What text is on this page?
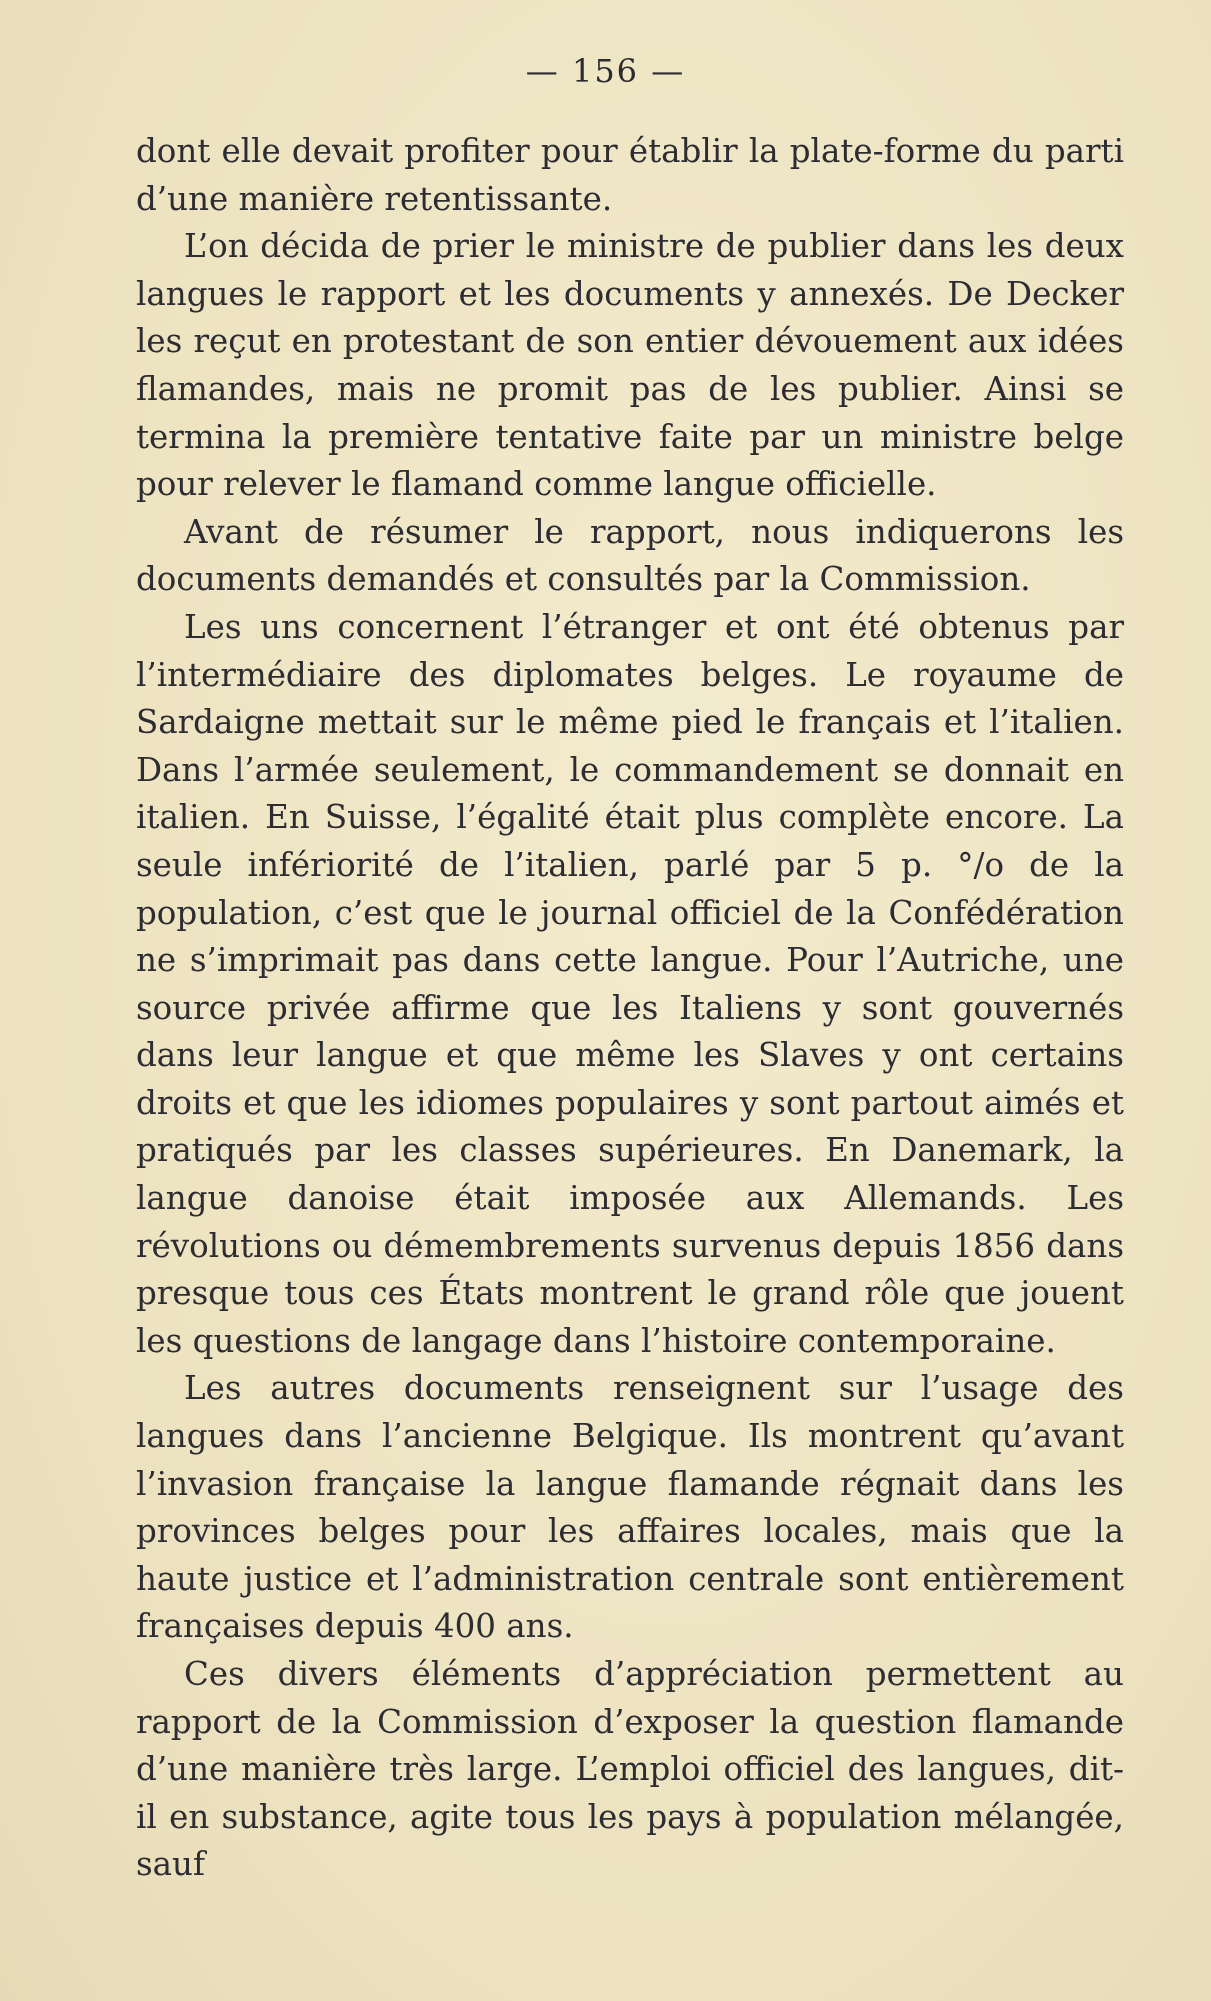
— 156 —

dont elle devait profiter pour établir la plate-forme du parti d’une manière retentissante.

L’on décida de prier le ministre de publier dans les deux langues le rapport et les documents y annexés. De Decker les reçut en protestant de son entier dévouement aux idées flamandes, mais ne promit pas de les publier. Ainsi se termina la première tentative faite par un ministre belge pour relever le flamand comme langue officielle.

Avant de résumer le rapport, nous indiquerons les documents demandés et consultés par la Commission.

Les uns concernent l’étranger et ont été obtenus par l’intermédiaire des diplomates belges. Le royaume de Sardaigne mettait sur le même pied le français et l’italien. Dans l’armée seulement, le commandement se donnait en italien. En Suisse, l’égalité était plus complète encore. La seule infériorité de l’italien, parlé par 5 p. °/o de la population, c’est que le journal officiel de la Confédération ne s’imprimait pas dans cette langue. Pour l’Autriche, une source privée affirme que les Italiens y sont gouvernés dans leur langue et que même les Slaves y ont certains droits et que les idiomes populaires y sont partout aimés et pratiqués par les classes supérieures. En Danemark, la langue danoise était imposée aux Allemands. Les révolutions ou démembrements survenus depuis 1856 dans presque tous ces États montrent le grand rôle que jouent les questions de langage dans l’histoire contemporaine.

Les autres documents renseignent sur l’usage des langues dans l’ancienne Belgique. Ils montrent qu’avant l’invasion française la langue flamande régnait dans les provinces belges pour les affaires locales, mais que la haute justice et l’administration centrale sont entièrement françaises depuis 400 ans.

Ces divers éléments d’appréciation permettent au rapport de la Commission d’exposer la question flamande d’une manière très large. L’emploi officiel des langues, dit-il en substance, agite tous les pays à population mélangée, sauf
